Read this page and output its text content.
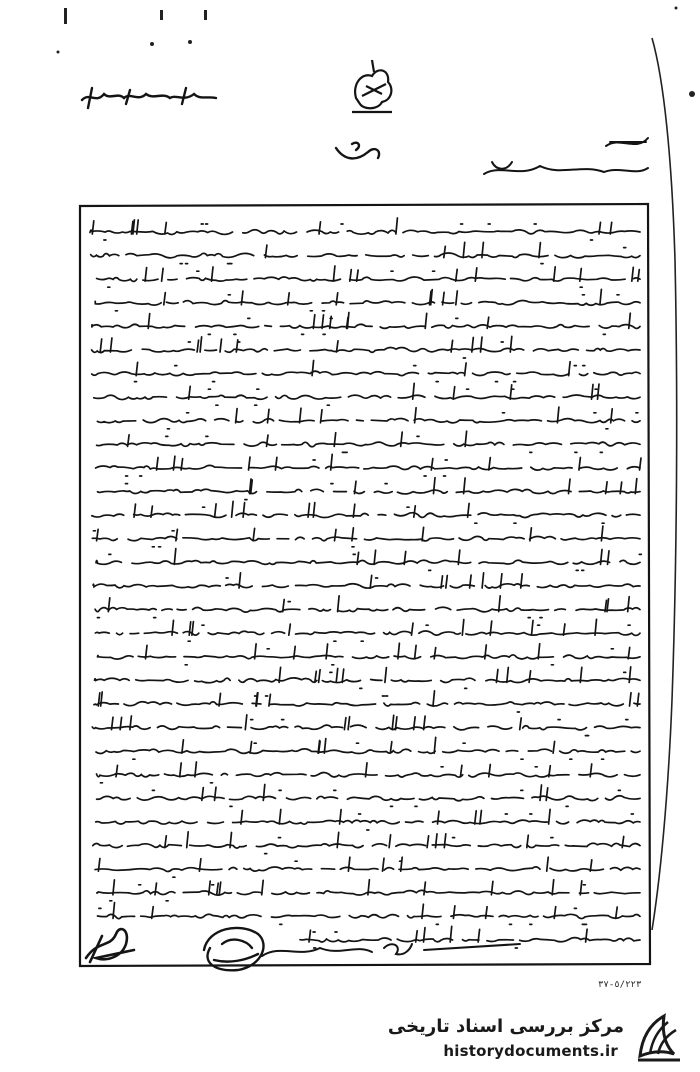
٥/٢٢٣-٣٧
مرکز بررسی اسناد تاریخی
historydocuments.ir
